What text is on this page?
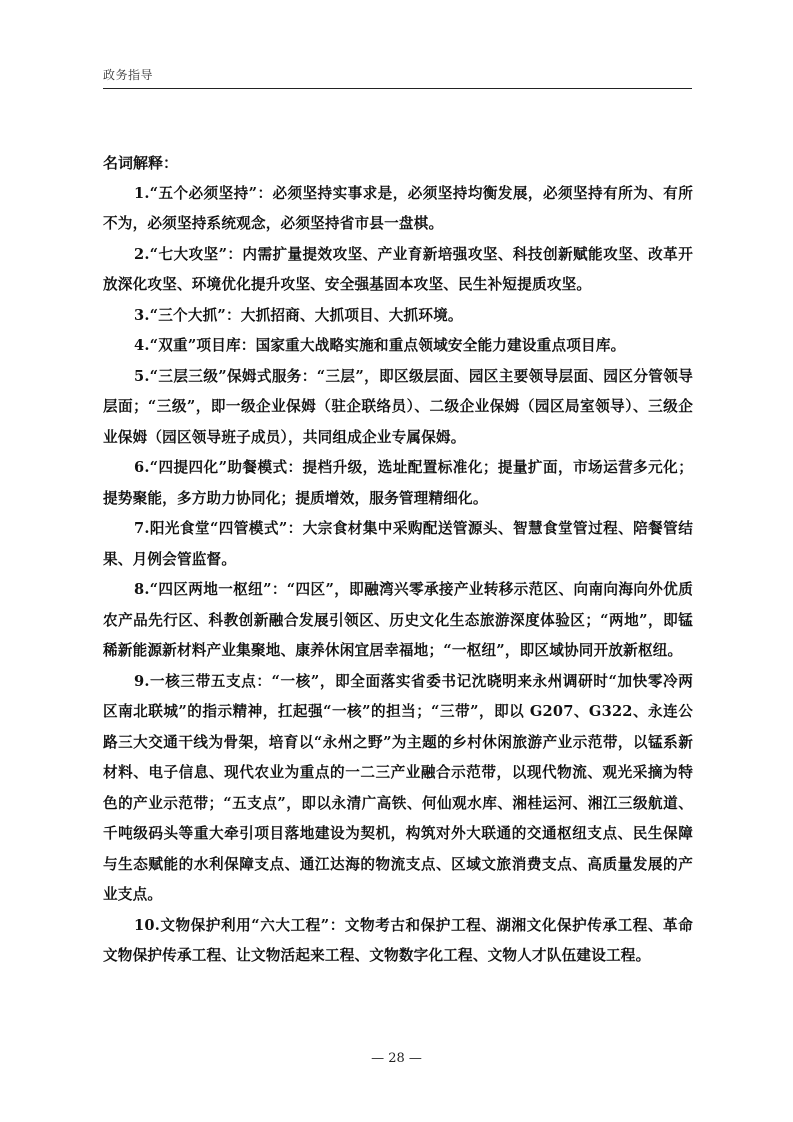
政务指导

名词解释：

1.“五个必须坚持”：必须坚持实事求是，必须坚持均衡发展，必须坚持有所为、有所不为，必须坚持系统观念，必须坚持省市县一盘棋。

2.“七大攻坚”：内需扩量提效攻坚、产业育新培强攻坚、科技创新赋能攻坚、改革开放深化攻坚、环境优化提升攻坚、安全强基固本攻坚、民生补短提质攻坚。

3.“三个大抓”：大抓招商、大抓项目、大抓环境。

4.“双重”项目库：国家重大战略实施和重点领域安全能力建设重点项目库。

5.“三层三级”保姆式服务：“三层”，即区级层面、园区主要领导层面、园区分管领导层面；“三级”，即一级企业保姆（驻企联络员）、二级企业保姆（园区局室领导）、三级企业保姆（园区领导班子成员），共同组成企业专属保姆。

6.“四提四化”助餐模式：提档升级，选址配置标准化；提量扩面，市场运营多元化；提势聚能，多方助力协同化；提质增效，服务管理精细化。

7.阳光食堂“四管模式”：大宗食材集中采购配送管源头、智慧食堂管过程、陪餐管结果、月例会管监督。

8.“四区两地一枢纽”：“四区”，即融湾兴零承接产业转移示范区、向南向海向外优质农产品先行区、科教创新融合发展引领区、历史文化生态旅游深度体验区；“两地”，即锰稀新能源新材料产业集聚地、康养休闲宜居幸福地；“一枢纽”，即区域协同开放新枢纽。

9.一核三带五支点：“一核”，即全面落实省委书记沈晓明来永州调研时“加快零冷两区南北联城”的指示精神，扛起强“一核”的担当；“三带”，即以 G207、G322、永连公路三大交通干线为骨架，培育以“永州之野”为主题的乡村休闲旅游产业示范带，以锰系新材料、电子信息、现代农业为重点的一二三产业融合示范带，以现代物流、观光采摘为特色的产业示范带；“五支点”，即以永清广高铁、何仙观水库、湘桂运河、湘江三级航道、千吨级码头等重大牵引项目落地建设为契机，构筑对外大联通的交通枢纽支点、民生保障与生态赋能的水利保障支点、通江达海的物流支点、区域文旅消费支点、高质量发展的产业支点。

10.文物保护利用“六大工程”：文物考古和保护工程、湖湘文化保护传承工程、革命文物保护传承工程、让文物活起来工程、文物数字化工程、文物人才队伍建设工程。

— 28 —
